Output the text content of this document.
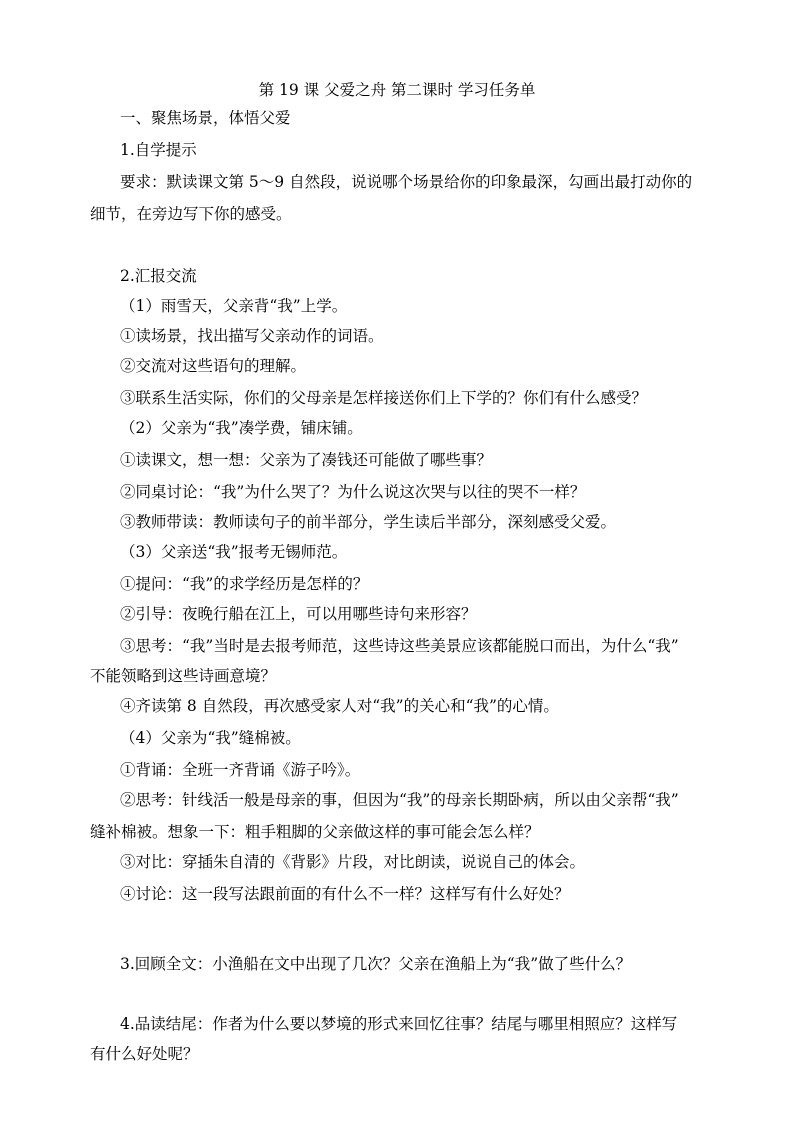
第 19 课 父爱之舟 第二课时 学习任务单
一、聚焦场景，体悟父爱
1.自学提示
要求：默读课文第 5～9 自然段，说说哪个场景给你的印象最深，勾画出最打动你的
细节，在旁边写下你的感受。
2.汇报交流
（1）雨雪天，父亲背“我”上学。
①读场景，找出描写父亲动作的词语。
②交流对这些语句的理解。
③联系生活实际，你们的父母亲是怎样接送你们上下学的？你们有什么感受？
（2）父亲为“我”凑学费，铺床铺。
①读课文，想一想：父亲为了凑钱还可能做了哪些事？
②同桌讨论：“我”为什么哭了？为什么说这次哭与以往的哭不一样？
③教师带读：教师读句子的前半部分，学生读后半部分，深刻感受父爱。
（3）父亲送“我”报考无锡师范。
①提问：“我”的求学经历是怎样的？
②引导：夜晚行船在江上，可以用哪些诗句来形容？
③思考：“我”当时是去报考师范，这些诗这些美景应该都能脱口而出，为什么“我”
不能领略到这些诗画意境？
④齐读第 8 自然段，再次感受家人对“我”的关心和“我”的心情。
（4）父亲为“我”缝棉被。
①背诵：全班一齐背诵《游子吟》。
②思考：针线活一般是母亲的事，但因为“我”的母亲长期卧病，所以由父亲帮“我”
缝补棉被。想象一下：粗手粗脚的父亲做这样的事可能会怎么样？
③对比：穿插朱自清的《背影》片段，对比朗读，说说自己的体会。
④讨论：这一段写法跟前面的有什么不一样？这样写有什么好处？
3.回顾全文：小渔船在文中出现了几次？父亲在渔船上为“我”做了些什么？
4.品读结尾：作者为什么要以梦境的形式来回忆往事？结尾与哪里相照应？这样写
有什么好处呢？
